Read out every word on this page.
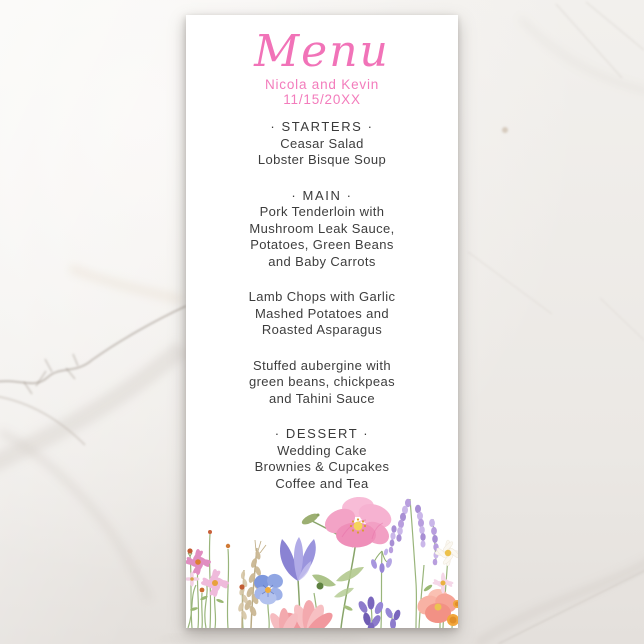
Menu
Nicola and Kevin
11/15/20XX
· STARTERS ·
Ceasar Salad
Lobster Bisque Soup
· MAIN ·
Pork Tenderloin with
Mushroom Leak Sauce,
Potatoes, Green Beans
and Baby Carrots
Lamb Chops with Garlic
Mashed Potatoes and
Roasted Asparagus
Stuffed aubergine with
green beans, chickpeas
and Tahini Sauce
· DESSERT ·
Wedding Cake
Brownies & Cupcakes
Coffee and Tea
